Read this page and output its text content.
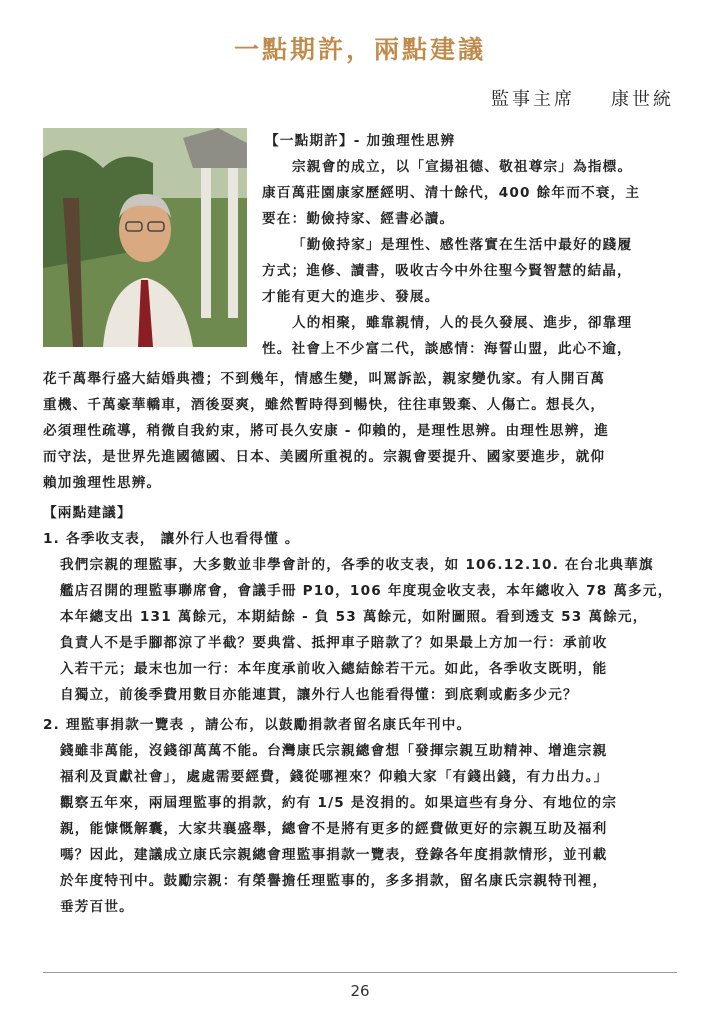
一點期許，兩點建議
監事主席 康世統
【一點期許】- 加強理性思辨
宗親會的成立，以「宣揚祖德、敬祖尊宗」為指標。
康百萬莊園康家歷經明、清十餘代，400 餘年而不衰，主
要在：勤儉持家、經書必讀。
「勤儉持家」是理性、感性落實在生活中最好的踐履
方式；進修、讀書，吸收古今中外往聖今賢智慧的結晶，
才能有更大的進步、發展。
人的相聚，雖靠親情，人的長久發展、進步，卻靠理
性。社會上不少富二代，談感情：海誓山盟，此心不逾，
花千萬舉行盛大結婚典禮；不到幾年，情感生變，叫罵訴訟，親家變仇家。有人開百萬
重機、千萬豪華轎車，酒後耍爽，雖然暫時得到暢快，往往車毀棄、人傷亡。想長久，
必須理性疏導，稍微自我約束，將可長久安康 - 仰賴的，是理性思辨。由理性思辨，進
而守法，是世界先進國德國、日本、美國所重視的。宗親會要提升、國家要進步，就仰
賴加強理性思辨。
【兩點建議】
1. 各季收支表， 讓外行人也看得懂 。
我們宗親的理監事，大多數並非學會計的，各季的收支表，如 106.12.10. 在台北典華旗
艦店召開的理監事聯席會，會議手冊 P10，106 年度現金收支表，本年總收入 78 萬多元，
本年總支出 131 萬餘元，本期結餘 - 負 53 萬餘元，如附圖照。看到透支 53 萬餘元，
負責人不是手腳都涼了半截？要典當、抵押車子賠款了？如果最上方加一行：承前收
入若干元；最末也加一行：本年度承前收入總結餘若干元。如此，各季收支既明，能
自獨立，前後季費用數目亦能連貫，讓外行人也能看得懂：到底剩或虧多少元？
2. 理監事捐款一覽表 ，請公布，以鼓勵捐款者留名康氏年刊中。
錢雖非萬能，沒錢卻萬萬不能。台灣康氏宗親總會想「發揮宗親互助精神、增進宗親
福利及貢獻社會」，處處需要經費，錢從哪裡來？仰賴大家「有錢出錢，有力出力。」
觀察五年來，兩屆理監事的捐款，約有 1/5 是沒捐的。如果這些有身分、有地位的宗
親，能慷慨解囊，大家共襄盛舉，總會不是將有更多的經費做更好的宗親互助及福利
嗎？因此，建議成立康氏宗親總會理監事捐款一覽表，登錄各年度捐款情形，並刊載
於年度特刊中。鼓勵宗親：有榮譽擔任理監事的，多多捐款，留名康氏宗親特刊裡，
垂芳百世。
26
